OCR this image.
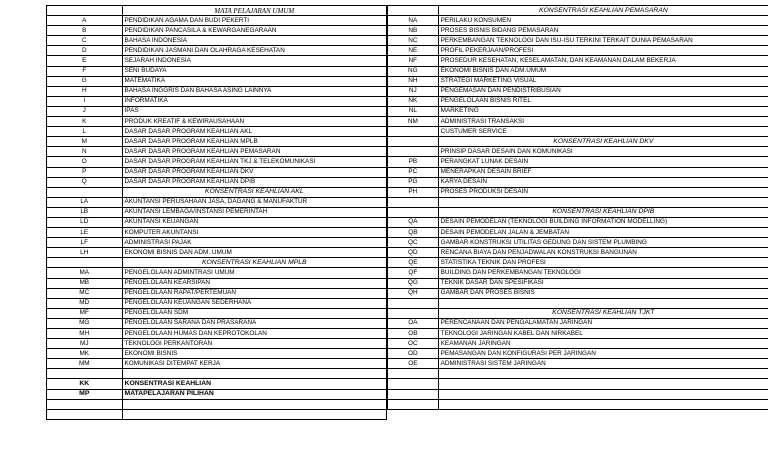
	MATA PELAJARAN UMUM
A	PENDIDIKAN AGAMA DAN BUDI PEKERTI
B	PENDIDIKAN PANCASILA & KEWARGANEGARAAN
C	BAHASA INDONESIA
D	PENDIDIKAN JASMANI DAN OLAHRAGA KESEHATAN
E	SEJARAH INDONESIA
F	SENI BUDAYA
G	MATEMATIKA
H	BAHASA INGGRIS DAN BAHASA ASING LAINNYA
I	INFORMATIKA
J	IPAS
K	PRODUK KREATIF & KEWIRAUSAHAAN
L	DASAR DASAR PROGRAM KEAHLIAN AKL
M	DASAR DASAR PROGRAM KEAHLIAN MPLB
N	DASAR DASAR PROGRAM KEAHLIAN PEMASARAN
O	DASAR DASAR PROGRAM KEAHLIAN TKJ & TELEKOMUNIKASI
P	DASAR DASAR PROGRAM KEAHLIAN DKV
Q	DASAR DASAR PROGRAM KEAHLIAN DPIB
	KONSENTRASI KEAHLIAN AKL
LA	AKUNTANSI PERUSAHAAN JASA, DAGANG & MANUFAKTUR
LB	AKUNTANSI LEMBAGA/INSTANSI PEMERINTAH
LD	AKUNTANSI KEUANGAN
LE	KOMPUTER AKUNTANSI
LF	ADMINISTRASI PAJAK
LH	EKONOMI BISNIS DAN ADM. UMUM
	KONSENTRASI KEAHLIAN MPLB
MA	PENGELOLAAN ADMINTRASI UMUM
MB	PENGELOLAAN KEARSIPAN
MC	PENGELOLAAN RAPAT/PERTEMUAN
MD	PENGELOLAAN KEUANGAN SEDERHANA
MF	PENGELOLAAN SDM
MG	PENGELOLAAN SARANA DAN PRASARANA
MH	PENGELOLAAN HUMAS DAN KEPROTOKOLAN
MJ	TEKNOLOGI PERKANTORAN
MK	EKONOMI BISNIS
MM	KOMUNIKASI DITEMPAT KERJA

KK	KONSENTRASI KEAHLIAN
MP	MATAPELAJARAN PILIHAN

	KONSENTRASI KEAHLIAN PEMASARAN
NA	PERILAKU KONSUMEN
NB	PROSES BISNIS BIDANG PEMASARAN
NC	PERKEMBANGAN TEKNOLOGI DAN ISU-ISU TERKINI TERKAIT DUNIA PEMASARAN
NE	PROFIL PEKERJAAN/PROFESI
NF	PROSEDUR KESEHATAN, KESELAMATAN, DAN KEAMANAN DALAM BEKERJA
NG	EKONOMI BISNIS DAN ADM.UMUM
NH	STRATEGI MARKETING VISUAL
NJ	PENGEMASAN DAN PENDISTRIBUSIAN
NK	PENGELOLAAN BISNIS RITEL
NL	MARKETING
NM	ADMINISTRASI TRANSAKSI
	CUSTUMER SERVICE
	KONSENTRASI KEAHLIAN DKV
	PRINSIP DASAR DESAIN DAN KOMUNIKASI
PB	PERANGKAT LUNAK DESAIN
PC	MENERAPKAN DESAIN BRIEF
PG	KARYA DESAIN
PH	PROSES PRODUKSI DESAIN

	KONSENTRASI KEAHLIAN DPIB
QA	DESAIN PEMODELAN (TEKNOLOGI BUILDING INFORMATION MODELLING)
QB	DESAIN PEMODELAN JALAN & JEMBATAN
QC	GAMBAR KONSTRUKSI UTILITAS GEDUNG DAN SISTEM PLUMBING
QD	RENCANA BIAYA DAN PENJADWALAN KONSTRUKSI BANGUNAN
QE	STATISTIKA TEKNIK DAN PROFESI
QF	BUILDING DAN PERKEMBANGAN TEKNOLOGI
QG	TEKNIK DASAR DAN SPESIFIKASI
QH	GAMBAR DAN PROSES BISNIS

	KONSENTRASI KEAHLIAN TJKT
OA	PERENCANAAN DAN PENGALAMATAN JARINGAN
OB	TEKNOLOGI JARINGAN KABEL DAN NIRKABEL
OC	KEAMANAN JARINGAN
OD	PEMASANGAN DAN KONFIGURASI PER JARINGAN
OE	ADMINISTRASI SISTEM JARINGAN
